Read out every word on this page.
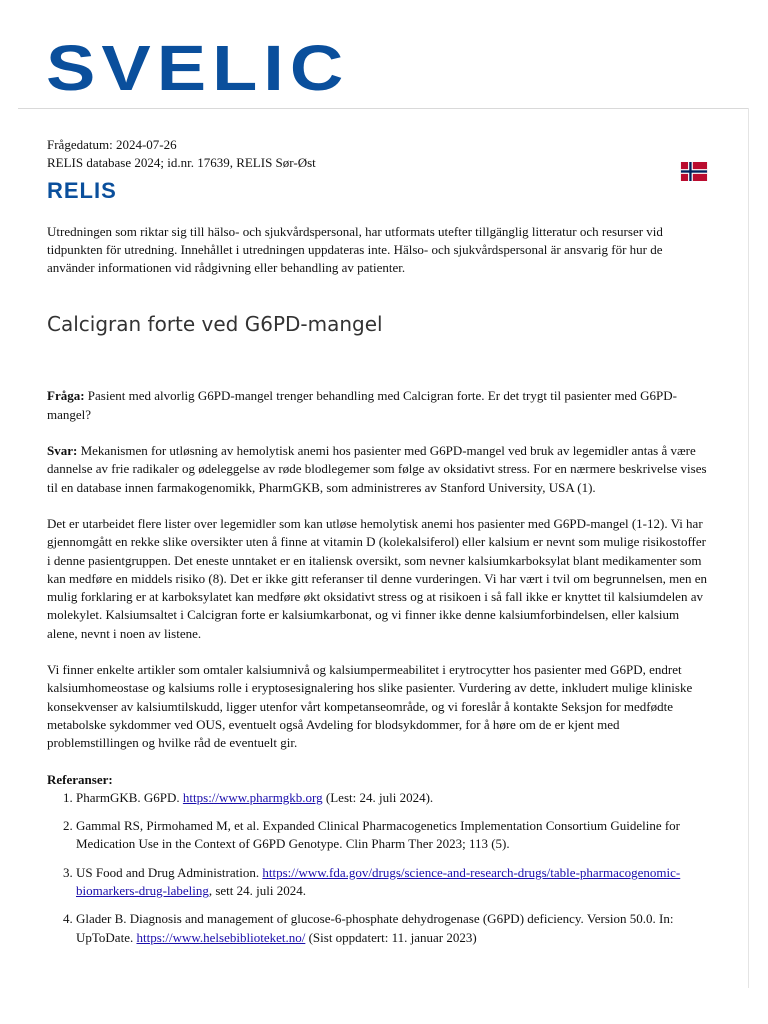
SVELIC

Frågedatum: 2024-07-26

RELIS database 2024; id.nr. 17639, RELIS Sør-Øst

RELIS

Utredningen som riktar sig till hälso- och sjukvårdspersonal, har utformats utefter tillgänglig litteratur och resurser vid tidpunkten för utredning. Innehållet i utredningen uppdateras inte. Hälso- och sjukvårdspersonal är ansvarig för hur de använder informationen vid rådgivning eller behandling av patienter.

Calcigran forte ved G6PD-mangel

Fråga: Pasient med alvorlig G6PD-mangel trenger behandling med Calcigran forte. Er det trygt til pasienter med G6PD-mangel?

Svar: Mekanismen for utløsning av hemolytisk anemi hos pasienter med G6PD-mangel ved bruk av legemidler antas å være dannelse av frie radikaler og ødeleggelse av røde blodlegemer som følge av oksidativt stress. For en nærmere beskrivelse vises til en database innen farmakogenomikk, PharmGKB, som administreres av Stanford University, USA (1).

Det er utarbeidet flere lister over legemidler som kan utløse hemolytisk anemi hos pasienter med G6PD-mangel (1-12). Vi har gjennomgått en rekke slike oversikter uten å finne at vitamin D (kolekalsiferol) eller kalsium er nevnt som mulige risikostoffer i denne pasientgruppen. Det eneste unntaket er en italiensk oversikt, som nevner kalsiumkarboksylat blant medikamenter som kan medføre en middels risiko (8). Det er ikke gitt referanser til denne vurderingen. Vi har vært i tvil om begrunnelsen, men en mulig forklaring er at karboksylatet kan medføre økt oksidativt stress og at risikoen i så fall ikke er knyttet til kalsiumdelen av molekylet. Kalsiumsaltet i Calcigran forte er kalsiumkarbonat, og vi finner ikke denne kalsiumforbindelsen, eller kalsium alene, nevnt i noen av listene.

Vi finner enkelte artikler som omtaler kalsiumnivå og kalsiumpermeabilitet i erytrocytter hos pasienter med G6PD, endret kalsiumhomeostase og kalsiums rolle i eryptosesignalering hos slike pasienter. Vurdering av dette, inkludert mulige kliniske konsekvenser av kalsiumtilskudd, ligger utenfor vårt kompetanseområde, og vi foreslår å kontakte Seksjon for medfødte metabolske sykdommer ved OUS, eventuelt også Avdeling for blodsykdommer, for å høre om de er kjent med problemstillingen og hvilke råd de eventuelt gir.

Referanser:
1. PharmGKB. G6PD. https://www.pharmgkb.org (Lest: 24. juli 2024).
2. Gammal RS, Pirmohamed M, et al. Expanded Clinical Pharmacogenetics Implementation Consortium Guideline for Medication Use in the Context of G6PD Genotype. Clin Pharm Ther 2023; 113 (5).
3. US Food and Drug Administration. https://www.fda.gov/drugs/science-and-research-drugs/table-pharmacogenomic-biomarkers-drug-labeling, sett 24. juli 2024.
4. Glader B. Diagnosis and management of glucose-6-phosphate dehydrogenase (G6PD) deficiency. Version 50.0. In: UpToDate. https://www.helsebiblioteket.no/ (Sist oppdatert: 11. januar 2023)
